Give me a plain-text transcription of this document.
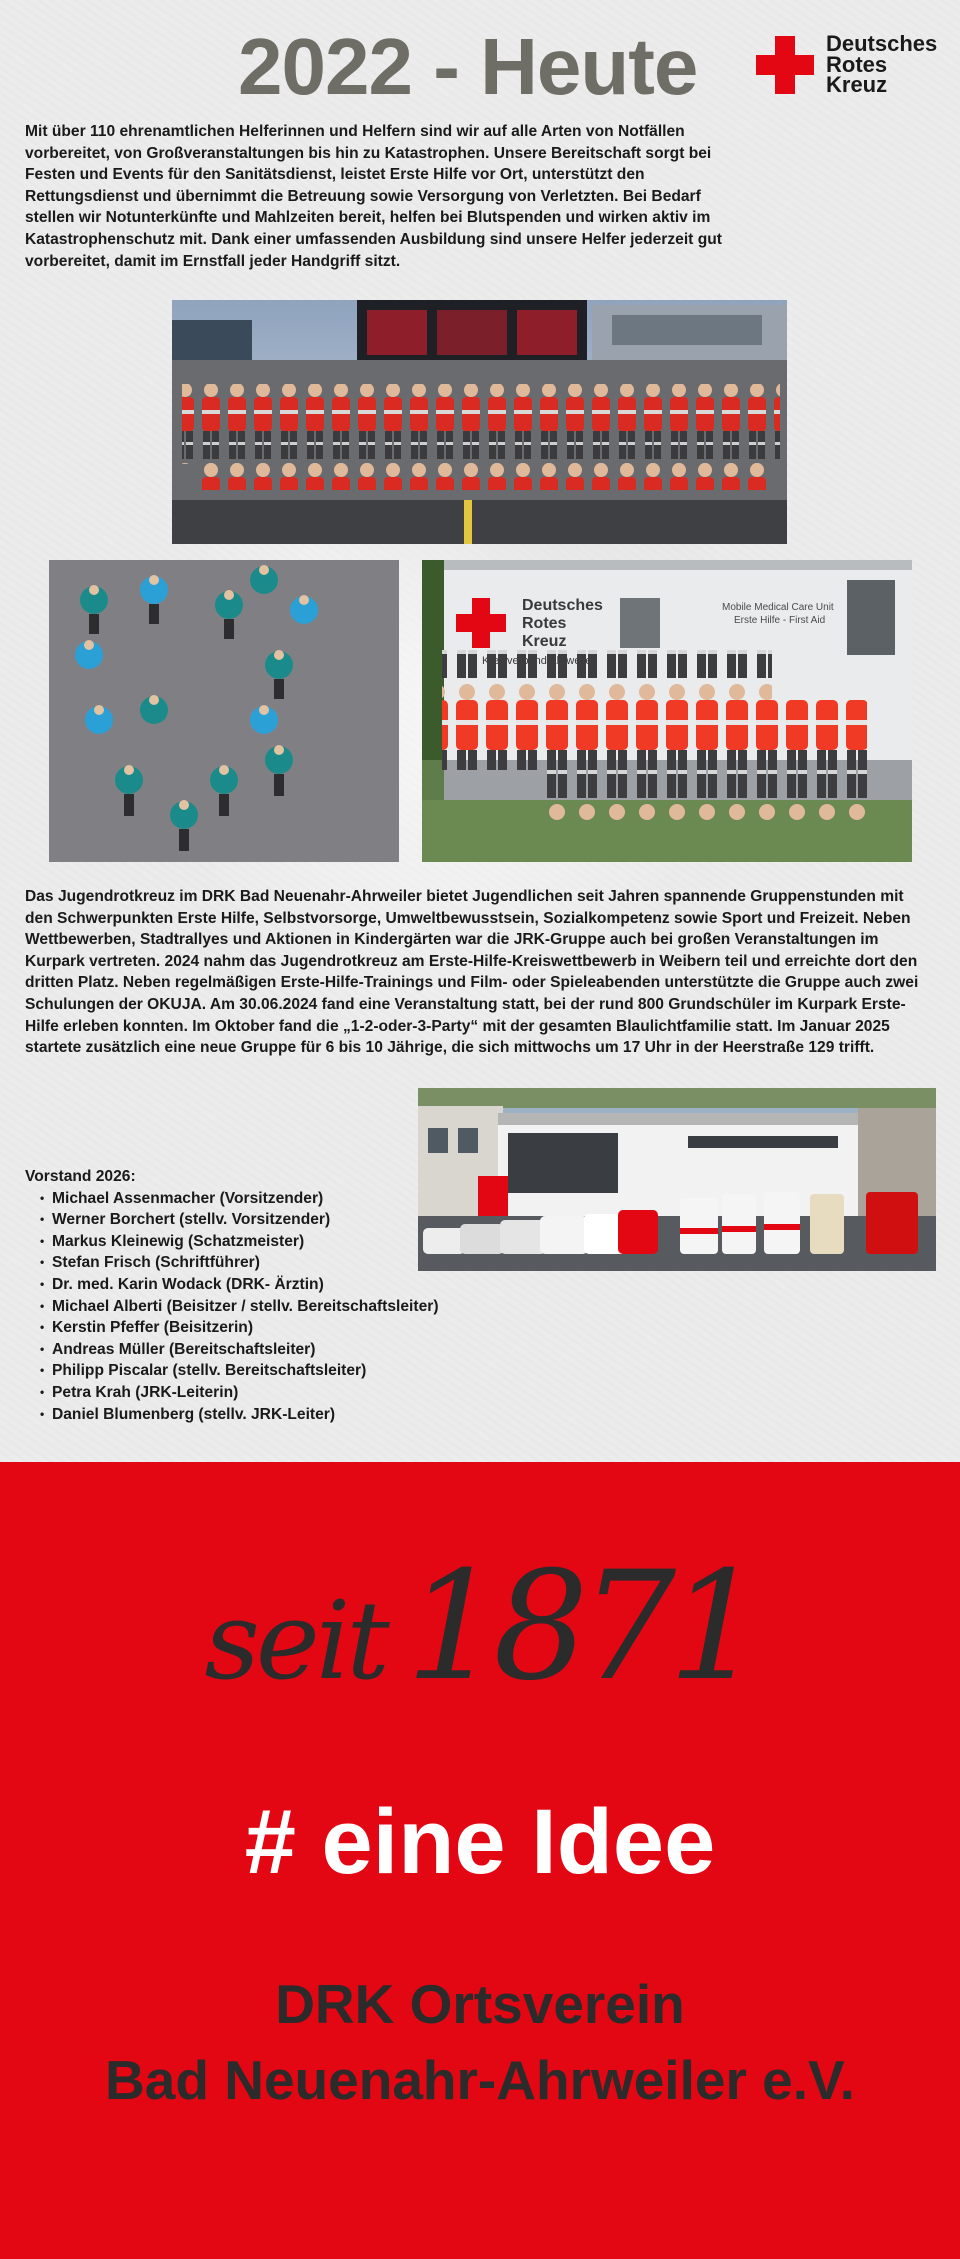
2022 - Heute	Deutsches
Rotes
Kreuz

Mit über 110 ehrenamtlichen Helferinnen und Helfern sind wir auf alle Arten von Notfällen vorbereitet, von Großveranstaltungen bis hin zu Katastrophen. Unsere Bereitschaft sorgt bei Festen und Events für den Sanitätsdienst, leistet Erste Hilfe vor Ort, unterstützt den Rettungsdienst und übernimmt die Betreuung sowie Versorgung von Verletzten. Bei Bedarf stellen wir Notunterkünfte und Mahlzeiten bereit, helfen bei Blutspenden und wirken aktiv im Katastrophenschutz mit. Dank einer umfassenden Ausbildung sind unsere Helfer jederzeit gut vorbereitet, damit im Ernstfall jeder Handgriff sitzt.

Deutsches
Rotes
Kreuz
Mobile Medical Care Unit
Erste Hilfe - First Aid

Das Jugendrotkreuz im DRK Bad Neuenahr-Ahrweiler bietet Jugendlichen seit Jahren spannende Gruppenstunden mit den Schwerpunkten Erste Hilfe, Selbstvorsorge, Umweltbewusstsein, Sozialkompetenz sowie Sport und Freizeit. Neben Wettbewerben, Stadtrallyes und Aktionen in Kindergärten war die JRK-Gruppe auch bei großen Veranstaltungen im Kurpark vertreten. 2024 nahm das Jugendrotkreuz am Erste-Hilfe-Kreiswettbewerb in Weibern teil und erreichte dort den dritten Platz. Neben regelmäßigen Erste-Hilfe-Trainings und Film- oder Spieleabenden unterstützte die Gruppe auch zwei Schulungen der OKUJA. Am 30.06.2024 fand eine Veranstaltung statt, bei der rund 800 Grundschüler im Kurpark Erste-Hilfe erleben konnten. Im Oktober fand die „1-2-oder-3-Party“ mit der gesamten Blaulichtfamilie statt. Im Januar 2025 startete zusätzlich eine neue Gruppe für 6 bis 10 Jährige, die sich mittwochs um 17 Uhr in der Heerstraße 129 trifft.

Vorstand 2026:
• Michael Assenmacher (Vorsitzender)
• Werner Borchert (stellv. Vorsitzender)
• Markus Kleinewig (Schatzmeister)
• Stefan Frisch (Schriftführer)
• Dr. med. Karin Wodack (DRK- Ärztin)
• Michael Alberti (Beisitzer / stellv. Bereitschaftsleiter)
• Kerstin Pfeffer (Beisitzerin)
• Andreas Müller (Bereitschaftsleiter)
• Philipp Piscalar (stellv. Bereitschaftsleiter)
• Petra Krah (JRK-Leiterin)
• Daniel Blumenberg (stellv. JRK-Leiter)
seit 1871
# eine Idee
DRK Ortsverein
Bad Neuenahr-Ahrweiler e.V.
